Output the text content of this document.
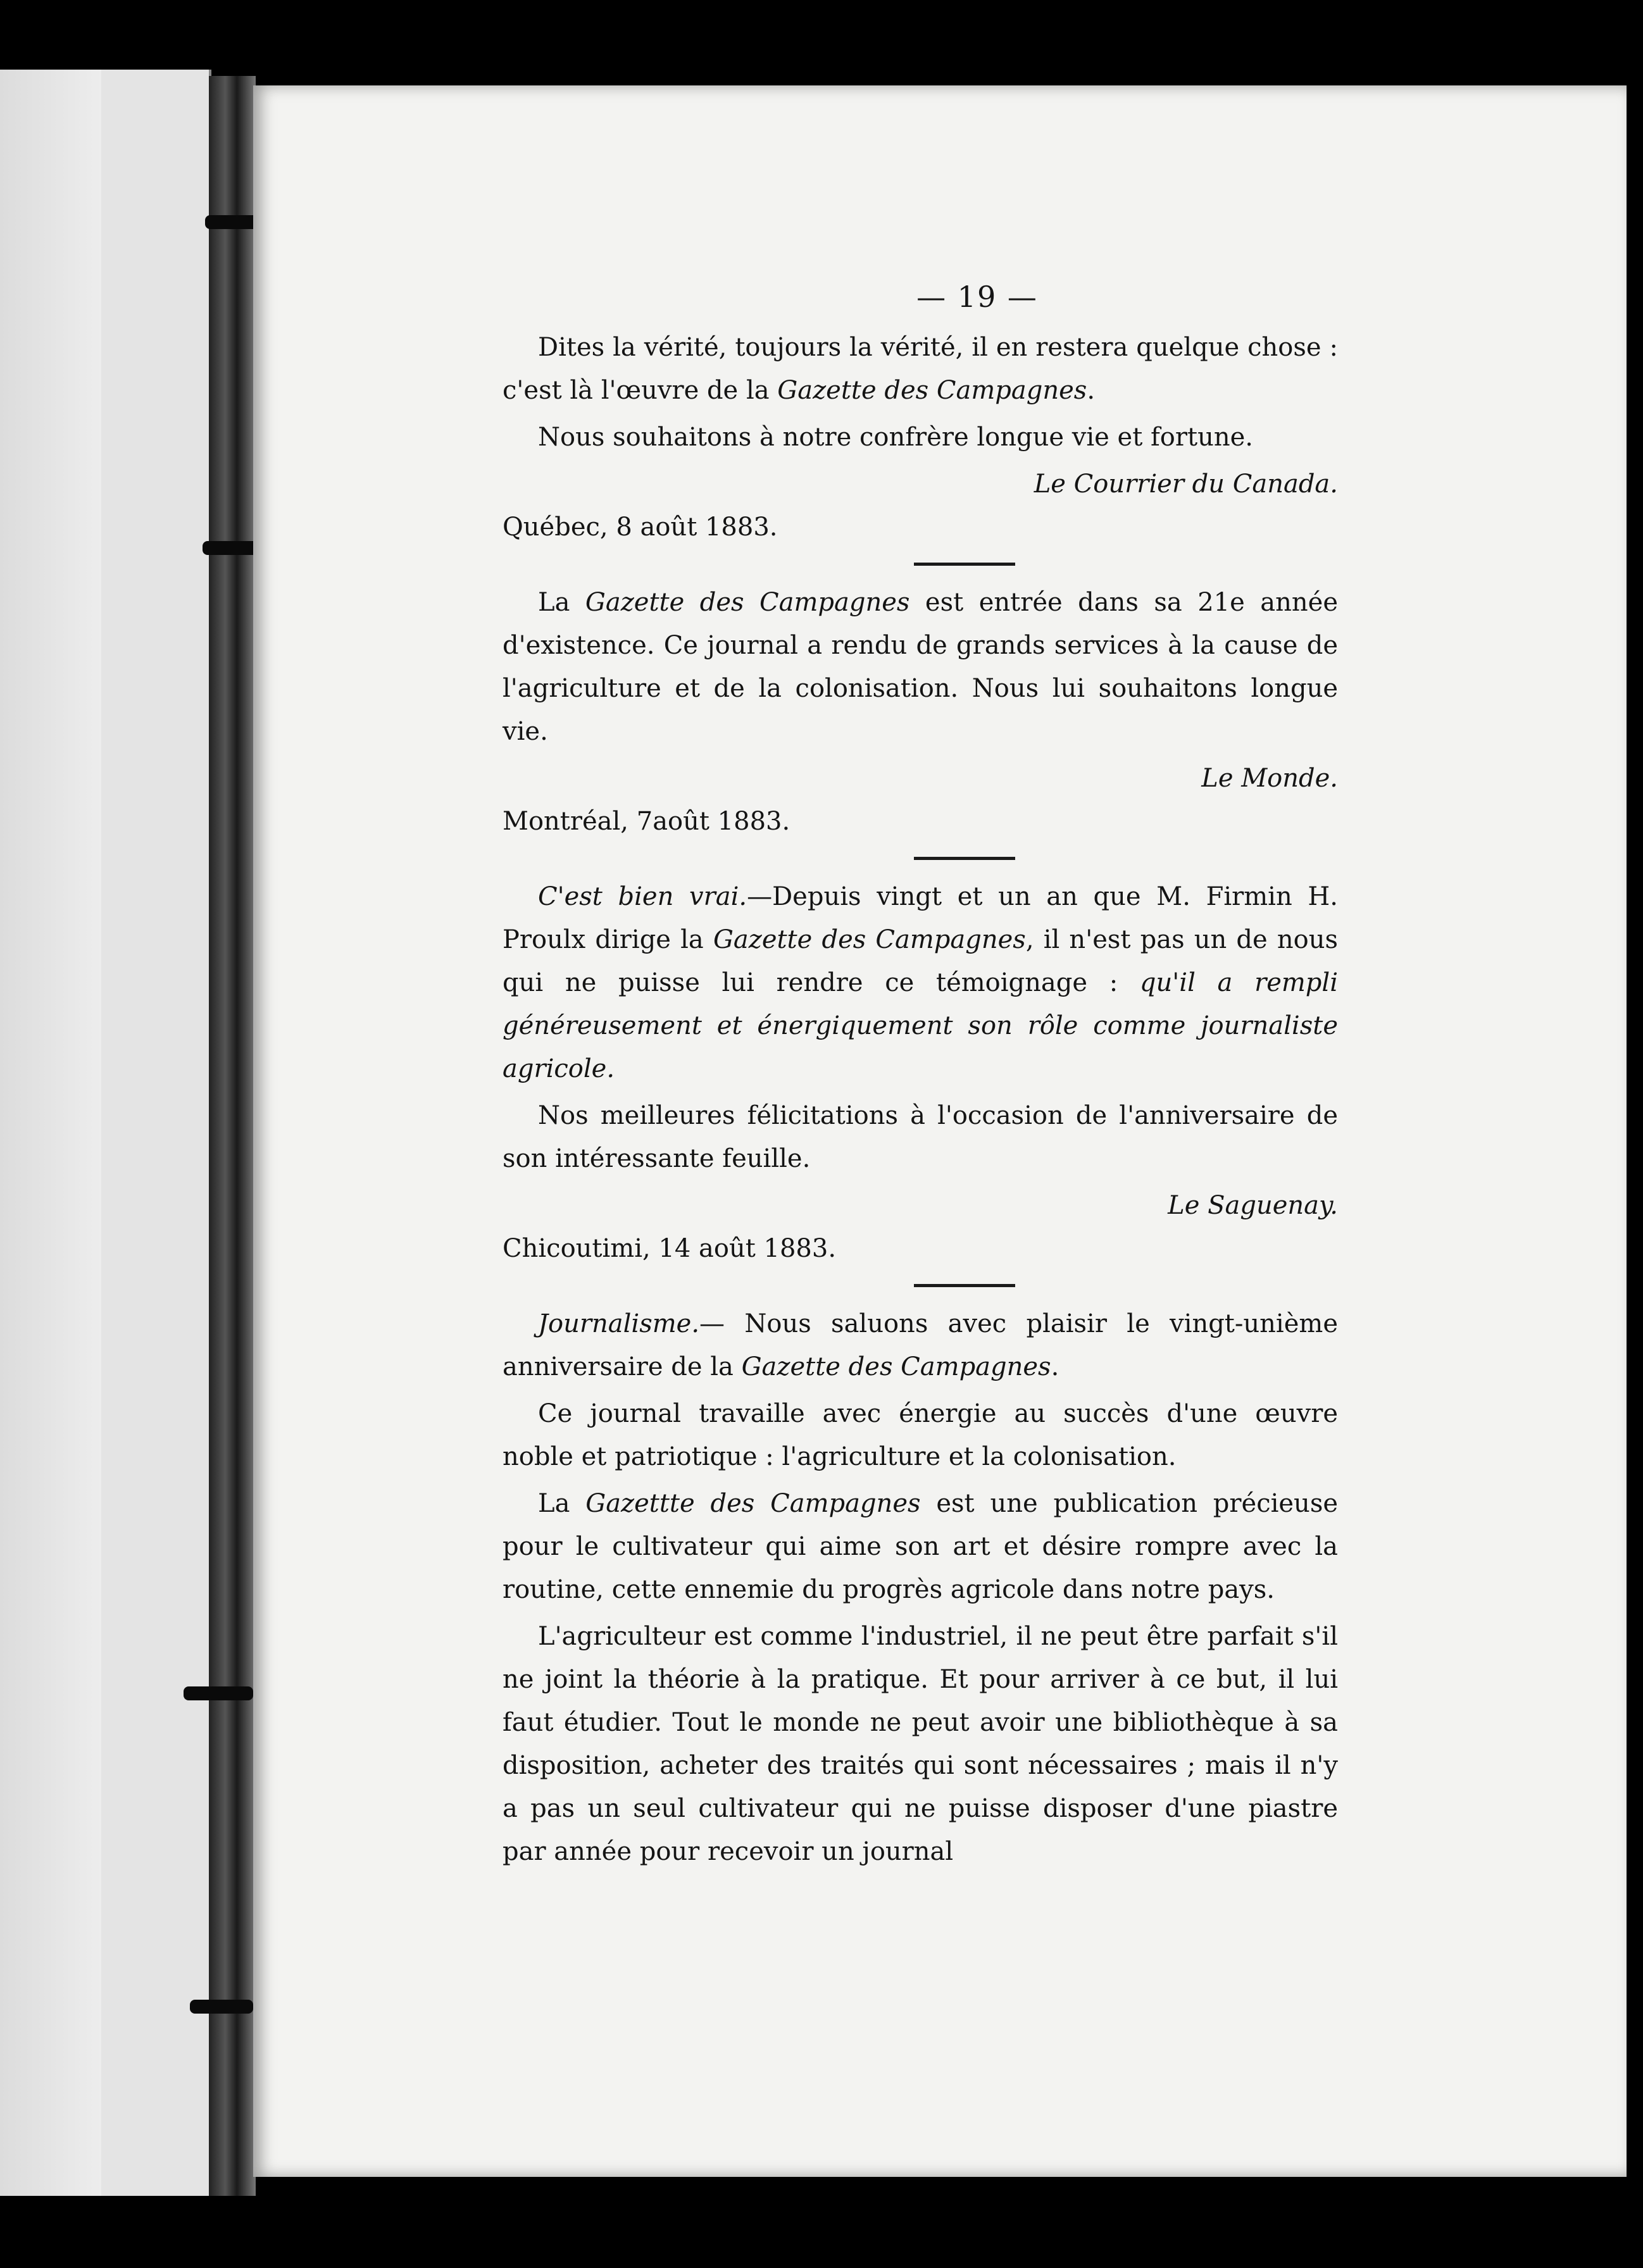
— 19 —

Dites la vérité, toujours la vérité, il en restera quelque chose : c'est là l'œuvre de la Gazette des Campagnes.

Nous souhaitons à notre confrère longue vie et fortune.

Le Courrier du Canada.

Québec, 8 août 1883.

La Gazette des Campagnes est entrée dans sa 21e année d'existence. Ce journal a rendu de grands services à la cause de l'agriculture et de la colonisation. Nous lui souhaitons longue vie.

Le Monde.

Montréal, 7août 1883.

C'est bien vrai.—Depuis vingt et un an que M. Firmin H. Proulx dirige la Gazette des Campagnes, il n'est pas un de nous qui ne puisse lui rendre ce témoignage : qu'il a rempli généreusement et énergiquement son rôle comme journaliste agricole.

Nos meilleures félicitations à l'occasion de l'anniversaire de son intéressante feuille.

Le Saguenay.

Chicoutimi, 14 août 1883.

Journalisme.— Nous saluons avec plaisir le vingt-unième anniversaire de la Gazette des Campagnes.

Ce journal travaille avec énergie au succès d'une œuvre noble et patriotique : l'agriculture et la colonisation.

La Gazettte des Campagnes est une publication précieuse pour le cultivateur qui aime son art et désire rompre avec la routine, cette ennemie du progrès agricole dans notre pays.

L'agriculteur est comme l'industriel, il ne peut être parfait s'il ne joint la théorie à la pratique. Et pour arriver à ce but, il lui faut étudier. Tout le monde ne peut avoir une bibliothèque à sa disposition, acheter des traités qui sont nécessaires ; mais il n'y a pas un seul cultivateur qui ne puisse disposer d'une piastre par année pour recevoir un journal
